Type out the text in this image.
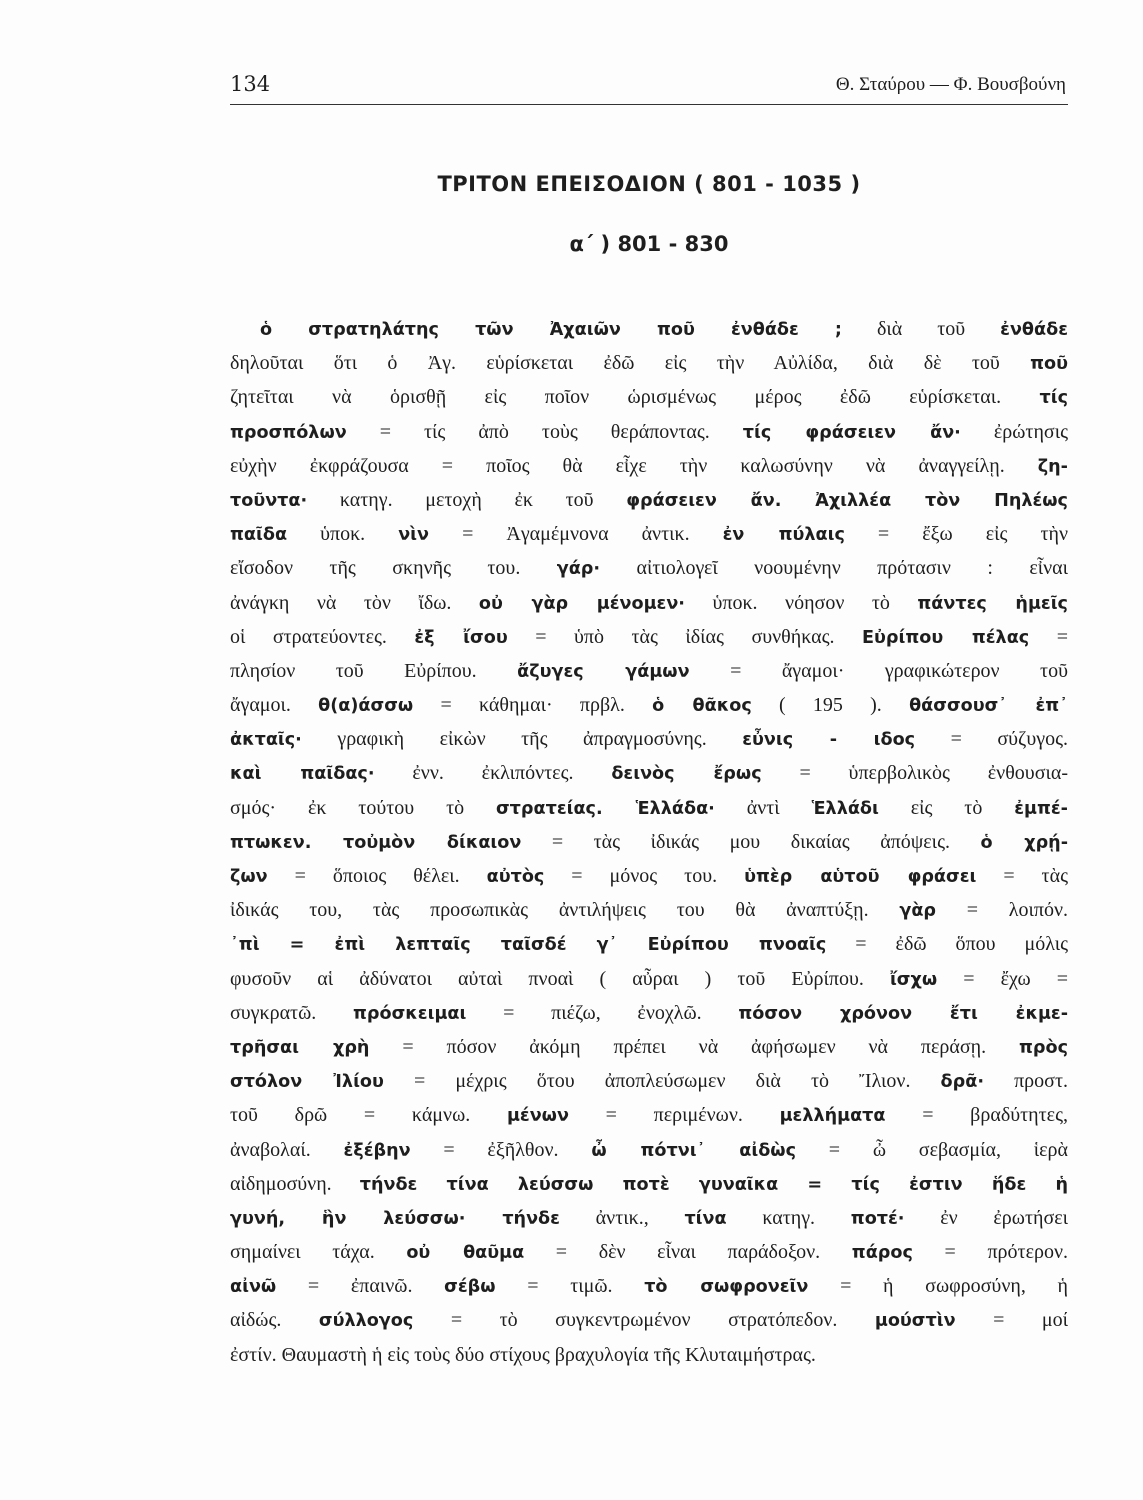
134	Θ. Σταύρου — Φ. Βουσβούνη
ΤΡΙΤΟΝ ΕΠΕΙΣΟΔΙΟΝ ( 801 - 1035 )
α΄ ) 801 - 830
ὁ στρατηλάτης τῶν Ἀχαιῶν ποῦ ἐνθάδε ; διὰ τοῦ ἐνθάδε
δηλοῦται ὅτι ὁ Ἀγ. εὑρίσκεται ἐδῶ εἰς τὴν Αὐλίδα, διὰ δὲ τοῦ ποῦ
ζητεῖται νὰ ὁρισθῇ εἰς ποῖον ὡρισμένως μέρος ἐδῶ εὑρίσκεται. τίς
προσπόλων = τίς ἀπὸ τοὺς θεράποντας. τίς φράσειεν ἄν· ἐρώτησις
εὐχὴν ἐκφράζουσα = ποῖος θὰ εἶχε τὴν καλωσύνην νὰ ἀναγγείλῃ. ζη-
τοῦντα· κατηγ. μετοχὴ ἐκ τοῦ φράσειεν ἄν. Ἀχιλλέα τὸν Πηλέως
παῖδα ὑποκ. νὶν = Ἀγαμέμνονα ἀντικ. ἐν πύλαις = ἔξω εἰς τὴν
εἴσοδον τῆς σκηνῆς του. γάρ· αἰτιολογεῖ νοουμένην πρότασιν : εἶναι
ἀνάγκη νὰ τὸν ἴδω. οὐ γὰρ μένομεν· ὑποκ. νόησον τὸ πάντες ἡμεῖς
οἱ στρατεύοντες. ἐξ ἴσου = ὑπὸ τὰς ἰδίας συνθήκας. Εὐρίπου πέλας =
πλησίον τοῦ Εὐρίπου. ἄζυγες γάμων = ἄγαμοι· γραφικώτερον τοῦ
ἄγαμοι. θ(α)άσσω = κάθημαι· πρβλ. ὁ θᾶκος ( 195 ). θάσσουσ᾽ ἐπ᾽
ἀκταῖς· γραφικὴ εἰκὼν τῆς ἀπραγμοσύνης. εὖνις - ιδος = σύζυγος.
καὶ παῖδας· ἐνν. ἐκλιπόντες. δεινὸς ἔρως = ὑπερβολικὸς ἐνθουσια-
σμός· ἐκ τούτου τὸ στρατείας. Ἑλλάδα· ἀντὶ Ἑλλάδι εἰς τὸ ἐμπέ-
πτωκεν. τοὐμὸν δίκαιον = τὰς ἰδικάς μου δικαίας ἀπόψεις. ὁ χρῄ-
ζων = ὅποιος θέλει. αὐτὸς = μόνος του. ὑπὲρ αὑτοῦ φράσει = τὰς
ἰδικάς του, τὰς προσωπικὰς ἀντιλήψεις του θὰ ἀναπτύξῃ. γὰρ = λοιπόν.
᾽πὶ = ἐπὶ λεπταῖς ταῖσδέ γ᾽ Εὐρίπου πνοαῖς = ἐδῶ ὅπου μόλις
φυσοῦν αἱ ἀδύνατοι αὐταὶ πνοαὶ ( αὖραι ) τοῦ Εὐρίπου. ἴσχω = ἔχω =
συγκρατῶ. πρόσκειμαι = πιέζω, ἐνοχλῶ. πόσον χρόνον ἔτι ἐκμε-
τρῆσαι χρὴ = πόσον ἀκόμη πρέπει νὰ ἀφήσωμεν νὰ περάσῃ. πρὸς
στόλον Ἰλίου = μέχρις ὅτου ἀποπλεύσωμεν διὰ τὸ Ἴλιον. δρᾶ· προστ.
τοῦ δρῶ = κάμνω. μένων = περιμένων. μελλήματα = βραδύτητες,
ἀναβολαί. ἐξέβην = ἐξῆλθον. ὦ πότνι᾽ αἰδὼς = ὦ σεβασμία, ἱερὰ
αἰδημοσύνη. τήνδε τίνα λεύσσω ποτὲ γυναῖκα = τίς ἐστιν ἥδε ἡ
γυνή, ἣν λεύσσω· τήνδε ἀντικ., τίνα κατηγ. ποτέ· ἐν ἐρωτήσει
σημαίνει τάχα. οὐ θαῦμα = δὲν εἶναι παράδοξον. πάρος = πρότερον.
αἰνῶ = ἐπαινῶ. σέβω = τιμῶ. τὸ σωφρονεῖν = ἡ σωφροσύνη, ἡ
αἰδώς. σύλλογος = τὸ συγκεντρωμένον στρατόπεδον. μούστὶν = μοί
ἐστίν. Θαυμαστὴ ἡ εἰς τοὺς δύο στίχους βραχυλογία τῆς Κλυταιμήστρας.
